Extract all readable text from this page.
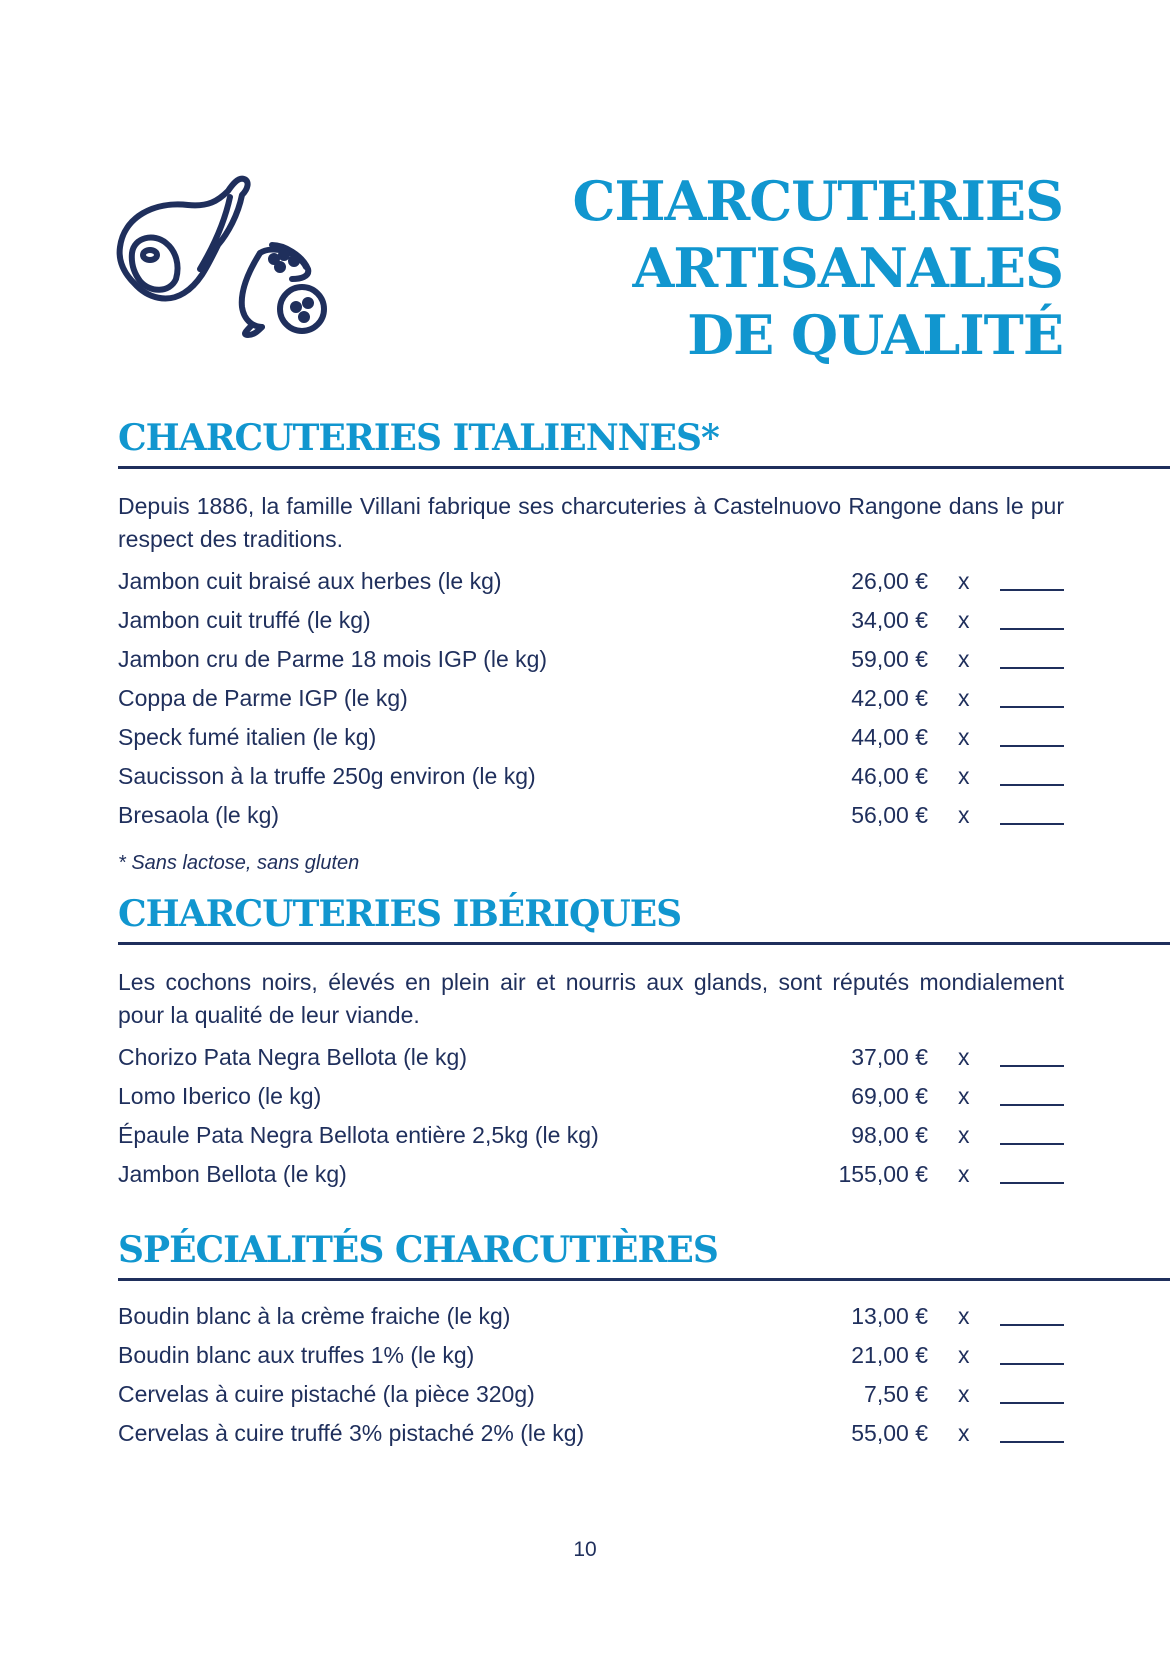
CHARCUTERIES
ARTISANALES
DE QUALITÉ
CHARCUTERIES ITALIENNES*
Depuis 1886, la famille Villani fabrique ses charcuteries à Castelnuovo Rangone dans le pur respect des traditions.
Jambon cuit braisé aux herbes (le kg)	26,00 € x
Jambon cuit truffé (le kg)	34,00 € x
Jambon cru de Parme 18 mois IGP (le kg)	59,00 € x
Coppa de Parme IGP (le kg)	42,00 € x
Speck fumé italien (le kg)	44,00 € x
Saucisson à la truffe 250g environ (le kg)	46,00 € x
Bresaola (le kg)	56,00 € x
* Sans lactose, sans gluten
CHARCUTERIES IBÉRIQUES
Les cochons noirs, élevés en plein air et nourris aux glands, sont réputés mondialement pour la qualité de leur viande.
Chorizo Pata Negra Bellota (le kg)	37,00 € x
Lomo Iberico (le kg)	69,00 € x
Épaule Pata Negra Bellota entière 2,5kg (le kg)	98,00 € x
Jambon Bellota (le kg)	155,00 € x
SPÉCIALITÉS CHARCUTIÈRES
Boudin blanc à la crème fraiche (le kg)	13,00 € x
Boudin blanc aux truffes 1% (le kg)	21,00 € x
Cervelas à cuire pistaché (la pièce 320g)	7,50 € x
Cervelas à cuire truffé 3% pistaché 2% (le kg)	55,00 € x
10
